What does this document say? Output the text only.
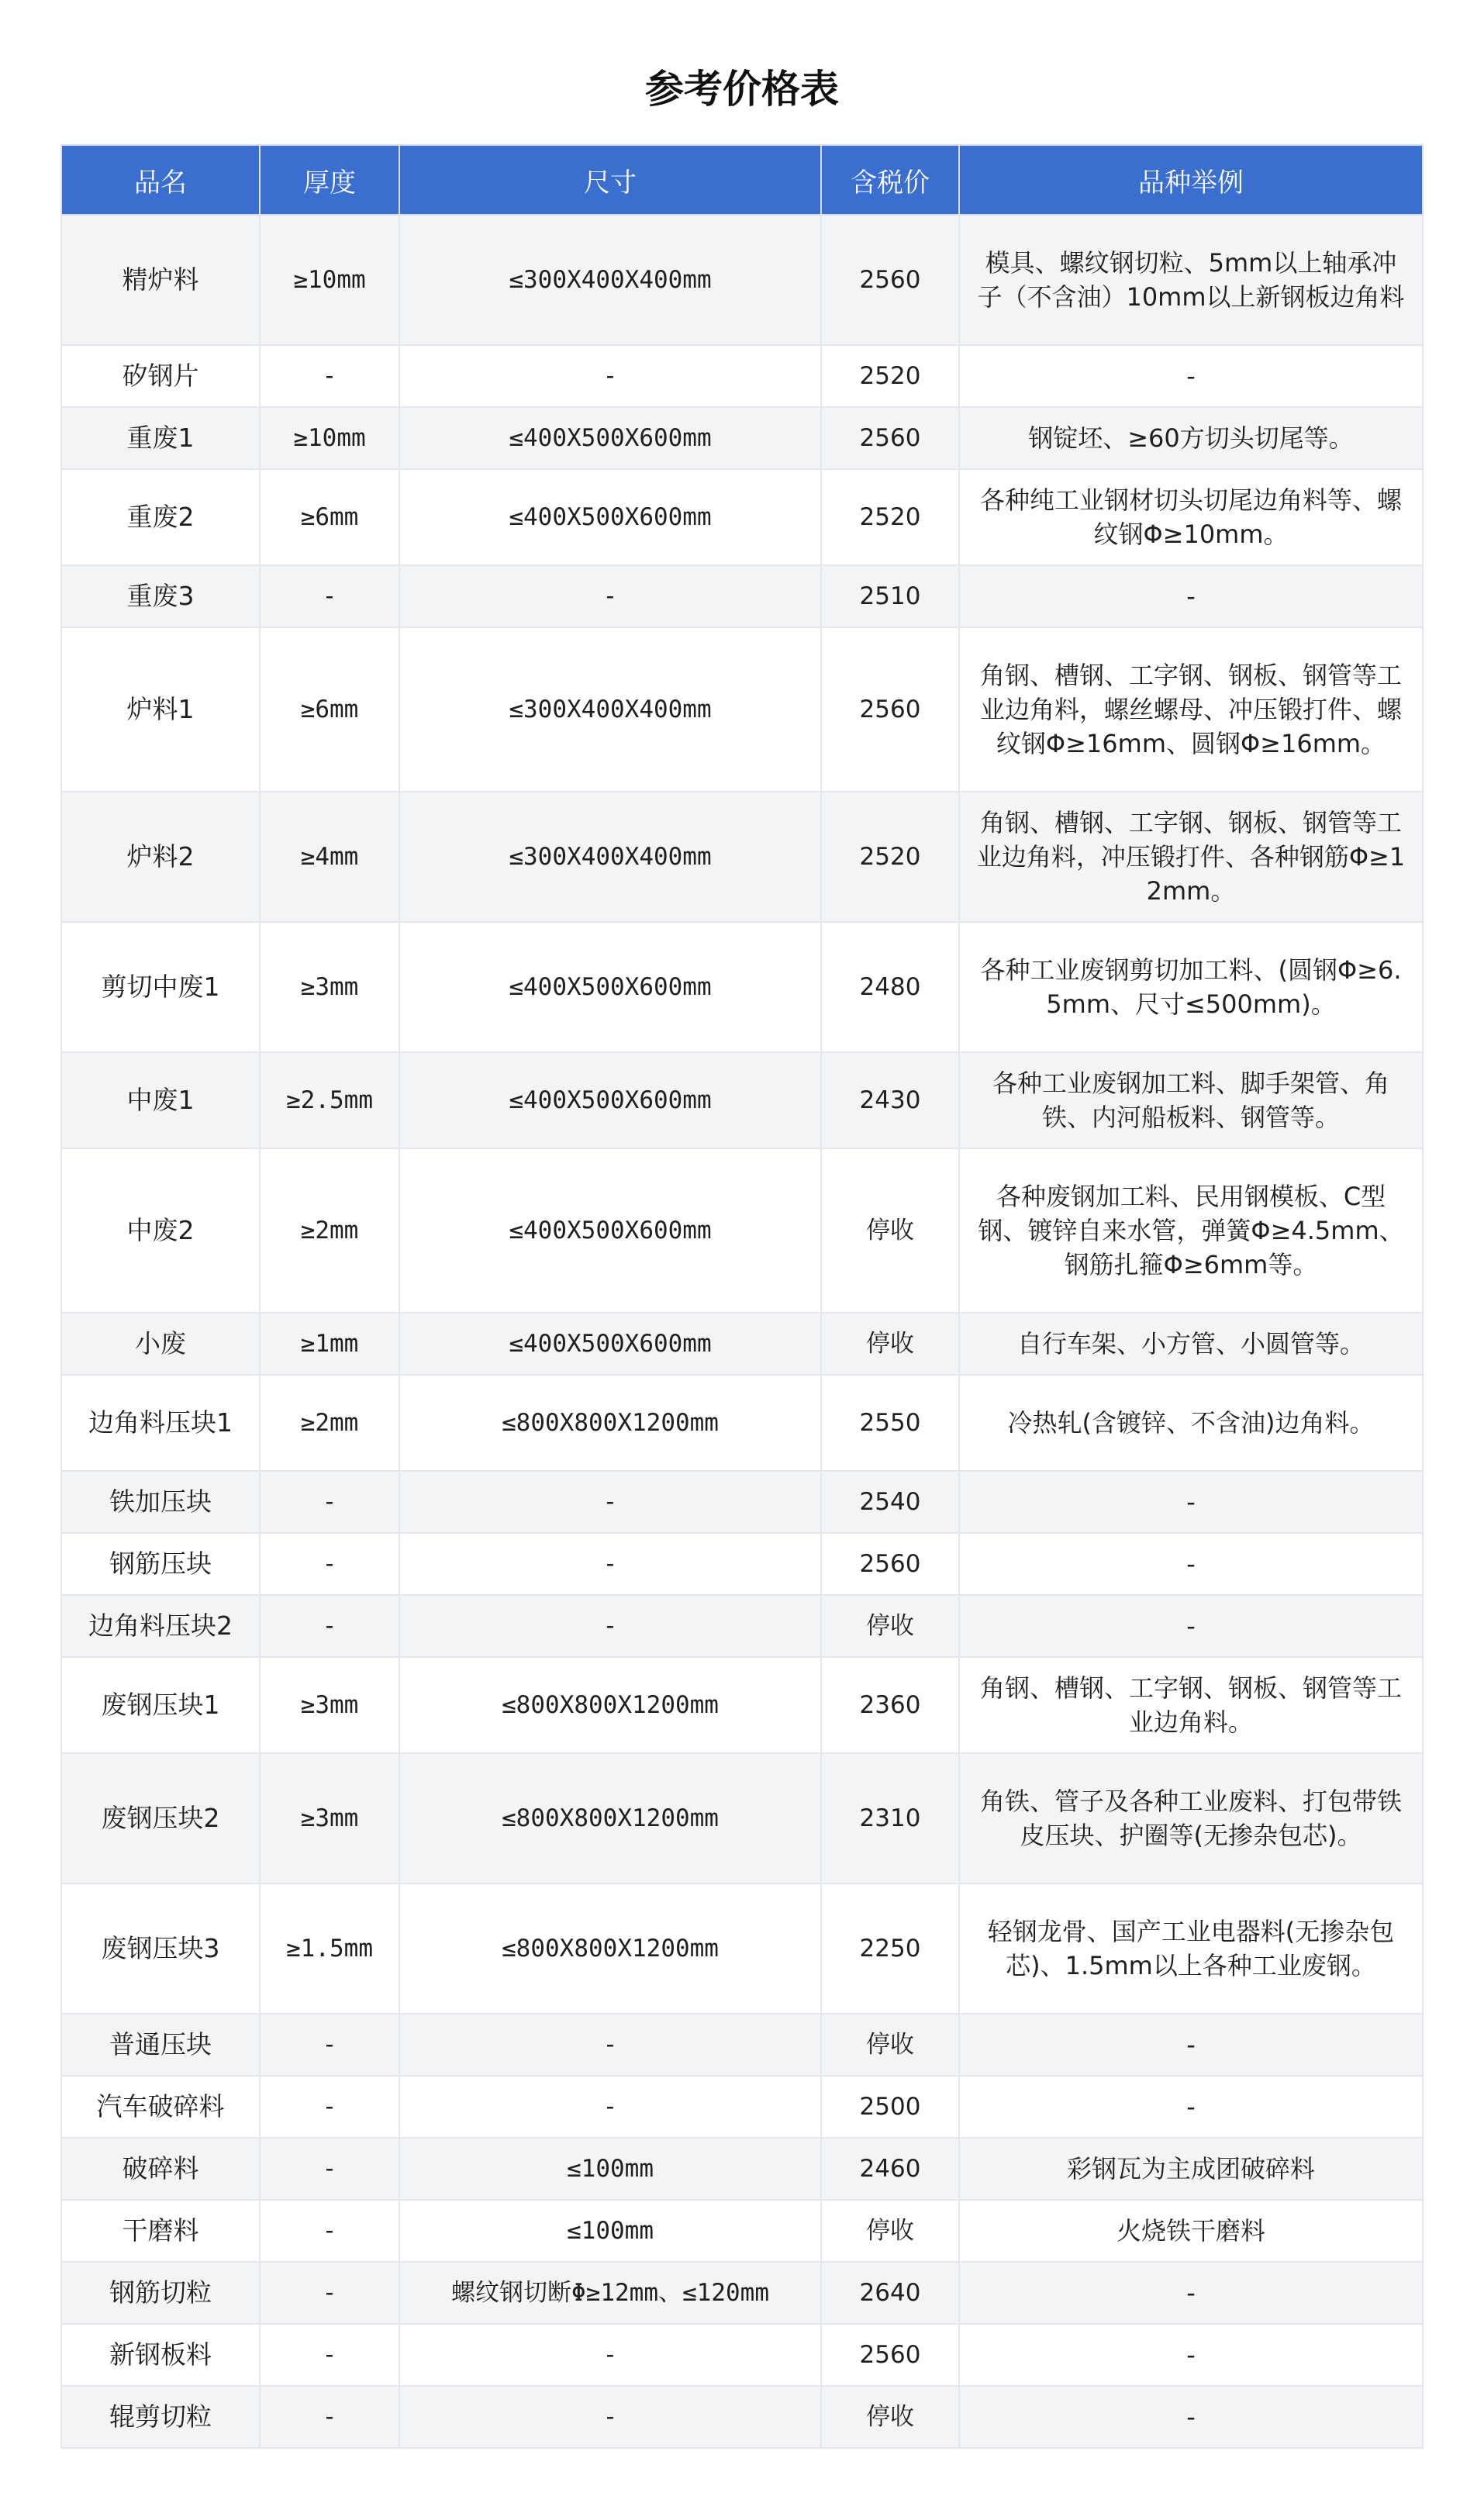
参考价格表
品名	厚度	尺寸	含税价	品种举例
精炉料	≥10mm	≤300X400X400mm	2560	模具、螺纹钢切粒、5mm以上轴承冲子（不含油）10mm以上新钢板边角料
矽钢片	-	-	2520	-
重废1	≥10mm	≤400X500X600mm	2560	钢锭坯、≥60方切头切尾等。
重废2	≥6mm	≤400X500X600mm	2520	各种纯工业钢材切头切尾边角料等、螺纹钢Φ≥10mm。
重废3	-	-	2510	-
炉料1	≥6mm	≤300X400X400mm	2560	角钢、槽钢、工字钢、钢板、钢管等工业边角料，螺丝螺母、冲压锻打件、螺纹钢Φ≥16mm、圆钢Φ≥16mm。
炉料2	≥4mm	≤300X400X400mm	2520	角钢、槽钢、工字钢、钢板、钢管等工业边角料，冲压锻打件、各种钢筋Φ≥12mm。
剪切中废1	≥3mm	≤400X500X600mm	2480	各种工业废钢剪切加工料、(圆钢Φ≥6.5mm、尺寸≤500mm)。
中废1	≥2.5mm	≤400X500X600mm	2430	各种工业废钢加工料、脚手架管、角铁、内河船板料、钢管等。
中废2	≥2mm	≤400X500X600mm	停收	各种废钢加工料、民用钢模板、C型钢、镀锌自来水管，弹簧Φ≥4.5mm、钢筋扎箍Φ≥6mm等。
小废	≥1mm	≤400X500X600mm	停收	自行车架、小方管、小圆管等。
边角料压块1	≥2mm	≤800X800X1200mm	2550	冷热轧(含镀锌、不含油)边角料。
铁加压块	-	-	2540	-
钢筋压块	-	-	2560	-
边角料压块2	-	-	停收	-
废钢压块1	≥3mm	≤800X800X1200mm	2360	角钢、槽钢、工字钢、钢板、钢管等工业边角料。
废钢压块2	≥3mm	≤800X800X1200mm	2310	角铁、管子及各种工业废料、打包带铁皮压块、护圈等(无掺杂包芯)。
废钢压块3	≥1.5mm	≤800X800X1200mm	2250	轻钢龙骨、国产工业电器料(无掺杂包芯)、1.5mm以上各种工业废钢。
普通压块	-	-	停收	-
汽车破碎料	-	-	2500	-
破碎料	-	≤100mm	2460	彩钢瓦为主成团破碎料
干磨料	-	≤100mm	停收	火烧铁干磨料
钢筋切粒	-	螺纹钢切断Φ≥12mm、≤120mm	2640	-
新钢板料	-	-	2560	-
辊剪切粒	-	-	停收	-
